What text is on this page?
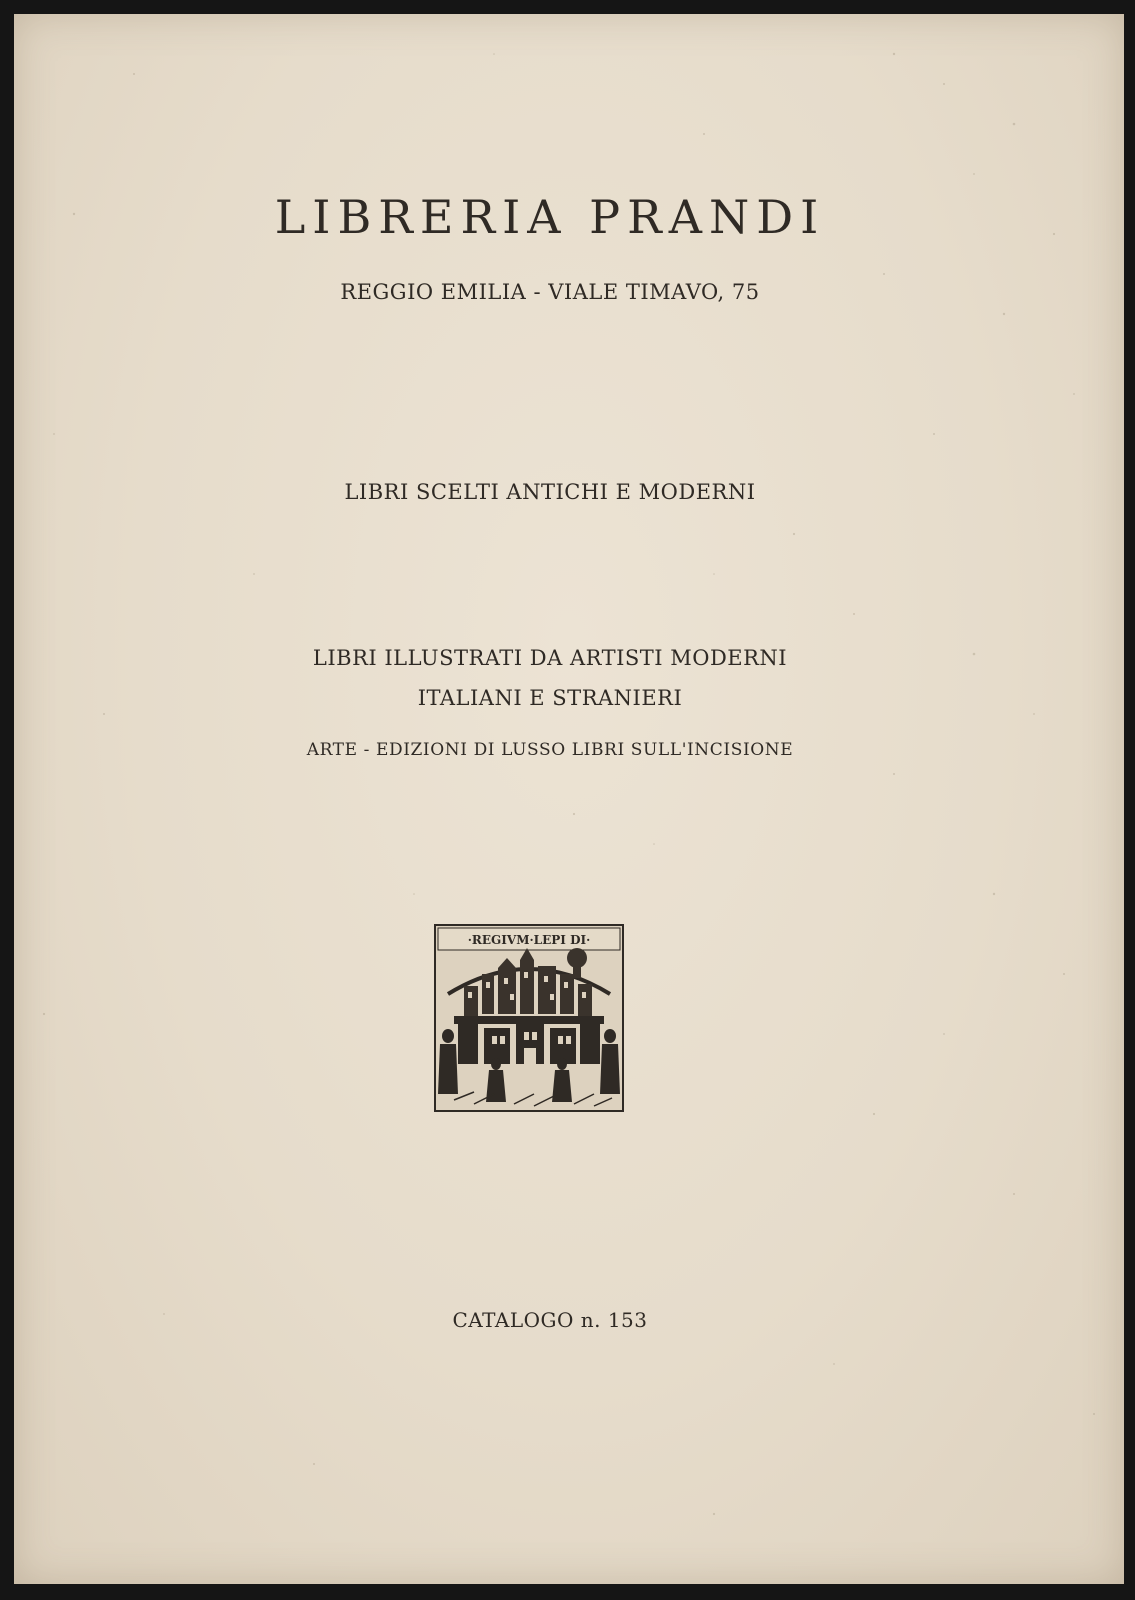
LIBRERIA PRANDI
REGGIO EMILIA - VIALE TIMAVO, 75
LIBRI SCELTI ANTICHI E MODERNI
LIBRI ILLUSTRATI DA ARTISTI MODERNI
ITALIANI E STRANIERI
ARTE - EDIZIONI DI LUSSO LIBRI SULL'INCISIONE
·REGIVM·LEPI DI·
CATALOGO n. 153
